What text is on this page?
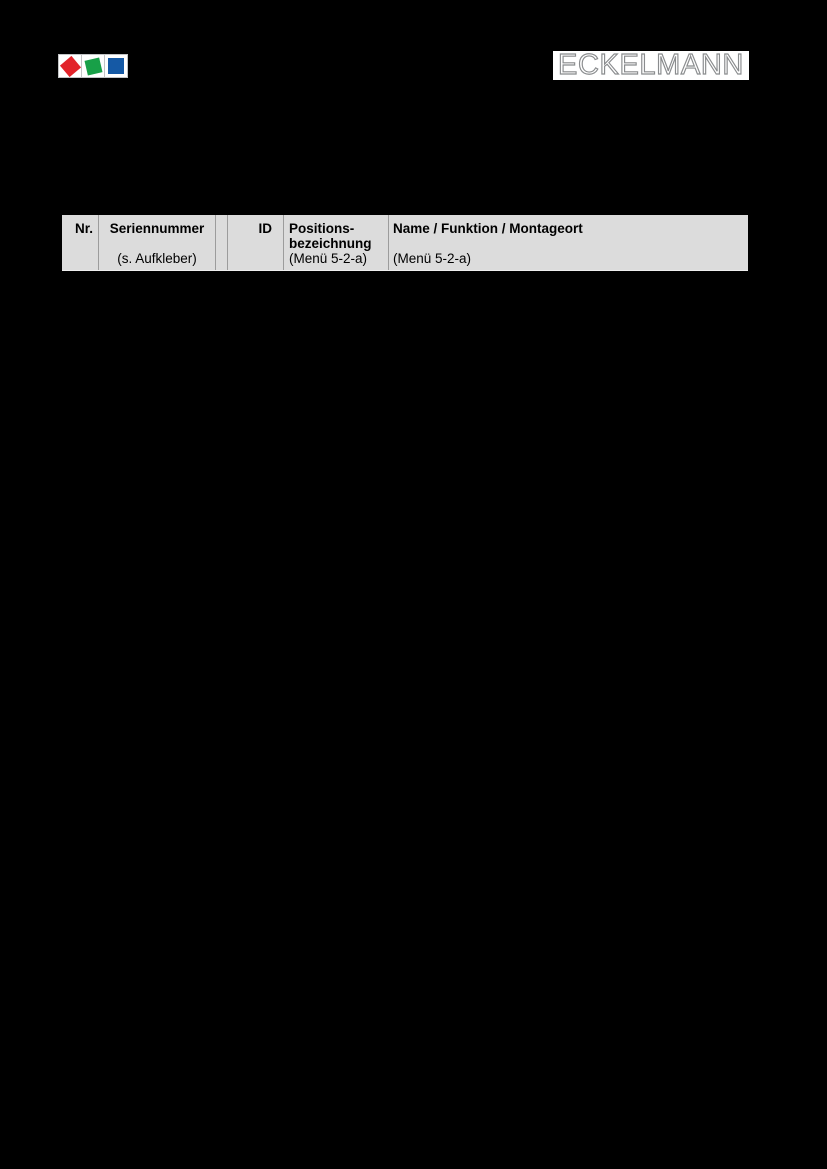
ECKELMANN
Nr.	Seriennummer
(s. Aufkleber)
ID Positions-
bezeichnung
(Menü 5-2-a)
Name / Funktion / Montageort
(Menü 5-2-a)
